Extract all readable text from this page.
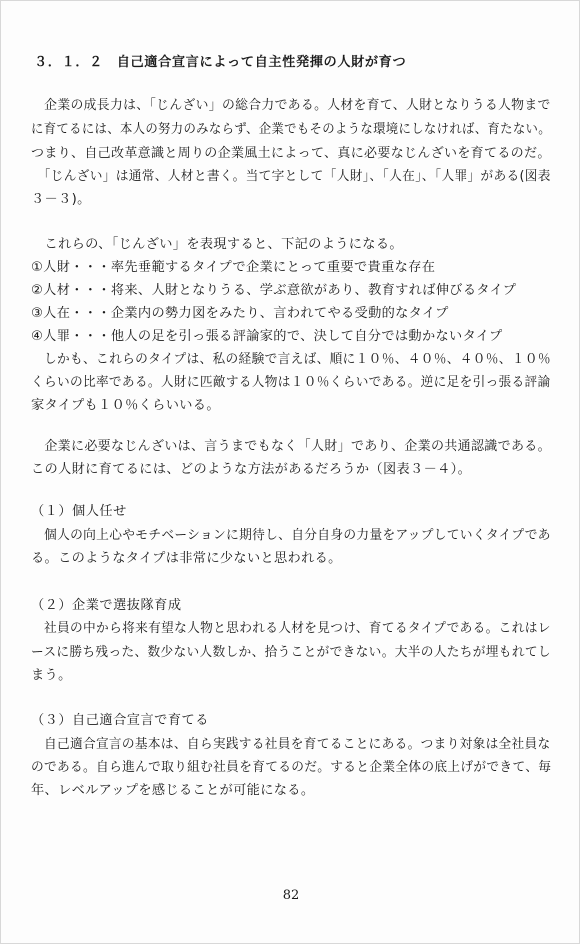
３．１．２　自己適合宣言によって自主性発揮の人財が育つ
　企業の成長力は、「じんざい」の総合力である。人材を育て、人財となりうる人物まで
に育てるには、本人の努力のみならず、企業でもそのような環境にしなければ、育たない。
つまり、自己改革意識と周りの企業風土によって、真に必要なじんざいを育てるのだ。
　「じんざい」は通常、人材と書く。当て字として「人財」、「人在」、「人罪」がある(図表
３－３)。
　これらの、「じんざい」を表現すると、下記のようになる。
①人財・・・率先垂範するタイプで企業にとって重要で貴重な存在
②人材・・・将来、人財となりうる、学ぶ意欲があり、教育すれば伸びるタイプ
③人在・・・企業内の勢力図をみたり、言われてやる受動的なタイプ
④人罪・・・他人の足を引っ張る評論家的で、決して自分では動かないタイプ
　しかも、これらのタイプは、私の経験で言えば、順に１０％、４０％、４０％、１０％
くらいの比率である。人財に匹敵する人物は１０％くらいである。逆に足を引っ張る評論
家タイプも１０％くらいいる。
　企業に必要なじんざいは、言うまでもなく「人財」であり、企業の共通認識である。
この人財に育てるには、どのような方法があるだろうか（図表３－４）。
（１）個人任せ
　個人の向上心やモチベーションに期待し、自分自身の力量をアップしていくタイプであ
る。このようなタイプは非常に少ないと思われる。
（２）企業で選抜隊育成
　社員の中から将来有望な人物と思われる人材を見つけ、育てるタイプである。これはレ
ースに勝ち残った、数少ない人数しか、拾うことができない。大半の人たちが埋もれてし
まう。
（３）自己適合宣言で育てる
　自己適合宣言の基本は、自ら実践する社員を育てることにある。つまり対象は全社員な
のである。自ら進んで取り組む社員を育てるのだ。すると企業全体の底上げができて、毎
年、レベルアップを感じることが可能になる。
82
